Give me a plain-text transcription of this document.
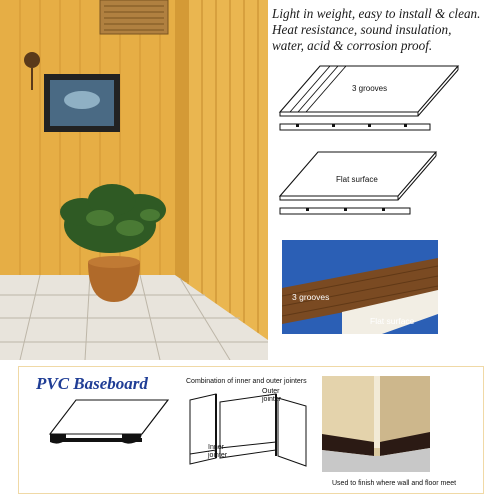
Light in weight, easy to install & clean.
Heat resistance, sound insulation,
water, acid & corrosion proof.
3 grooves
Flat surface
3 grooves
Flat surface
PVC Baseboard	Combination of inner and outer jointers
Outer
jointer
Inner
jointer
Used to finish where wall and floor meet
